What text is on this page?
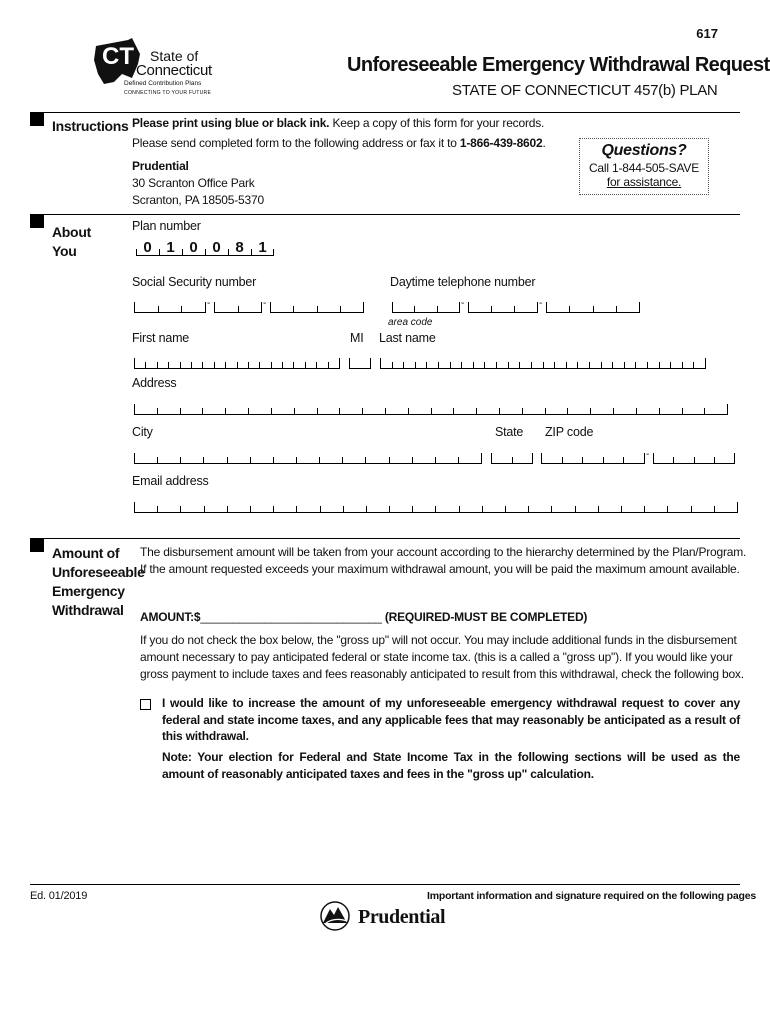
617
CT State of
Connecticut
Defined Contribution Plans
CONNECTING TO YOUR FUTURE
Unforeseeable Emergency Withdrawal Request
STATE OF CONNECTICUT 457(b) PLAN
Instructions Please print using blue or black ink. Keep a copy of this form for your records.
Please send completed form to the following address or fax it to 1-866-439-8602.
Prudential
30 Scranton Office Park
Scranton, PA 18505-5370
Questions?
Call 1-844-505-SAVE
for assistance.
About
You
Plan number
0 1 0 0 8 1
Social Security number	Daytime telephone number
-	-	-	-
area code
First name	MI Last name
Address
City	State ZIP code
-
Email address
Amount of
Unforeseeable
Emergency
Withdrawal
The disbursement amount will be taken from your account according to the hierarchy determined by the Plan/Program.
If the amount requested exceeds your maximum withdrawal amount, you will be paid the maximum amount available.
AMOUNT:$____________________________ (REQUIRED-MUST BE COMPLETED)
If you do not check the box below, the "gross up" will not occur. You may include additional funds in the disbursement
amount necessary to pay anticipated federal or state income tax. (this is a called a "gross up"). If you would like your
gross payment to include taxes and fees reasonably anticipated to result from this withdrawal, check the following box.
I would like to increase the amount of my unforeseeable emergency withdrawal request to cover any federal and state income taxes, and any applicable fees that may reasonably be anticipated as a result of this withdrawal.
Note: Your election for Federal and State Income Tax in the following sections will be used as the amount of reasonably anticipated taxes and fees in the "gross up" calculation.
Ed. 01/2019	Important information and signature required on the following pages
Prudential
